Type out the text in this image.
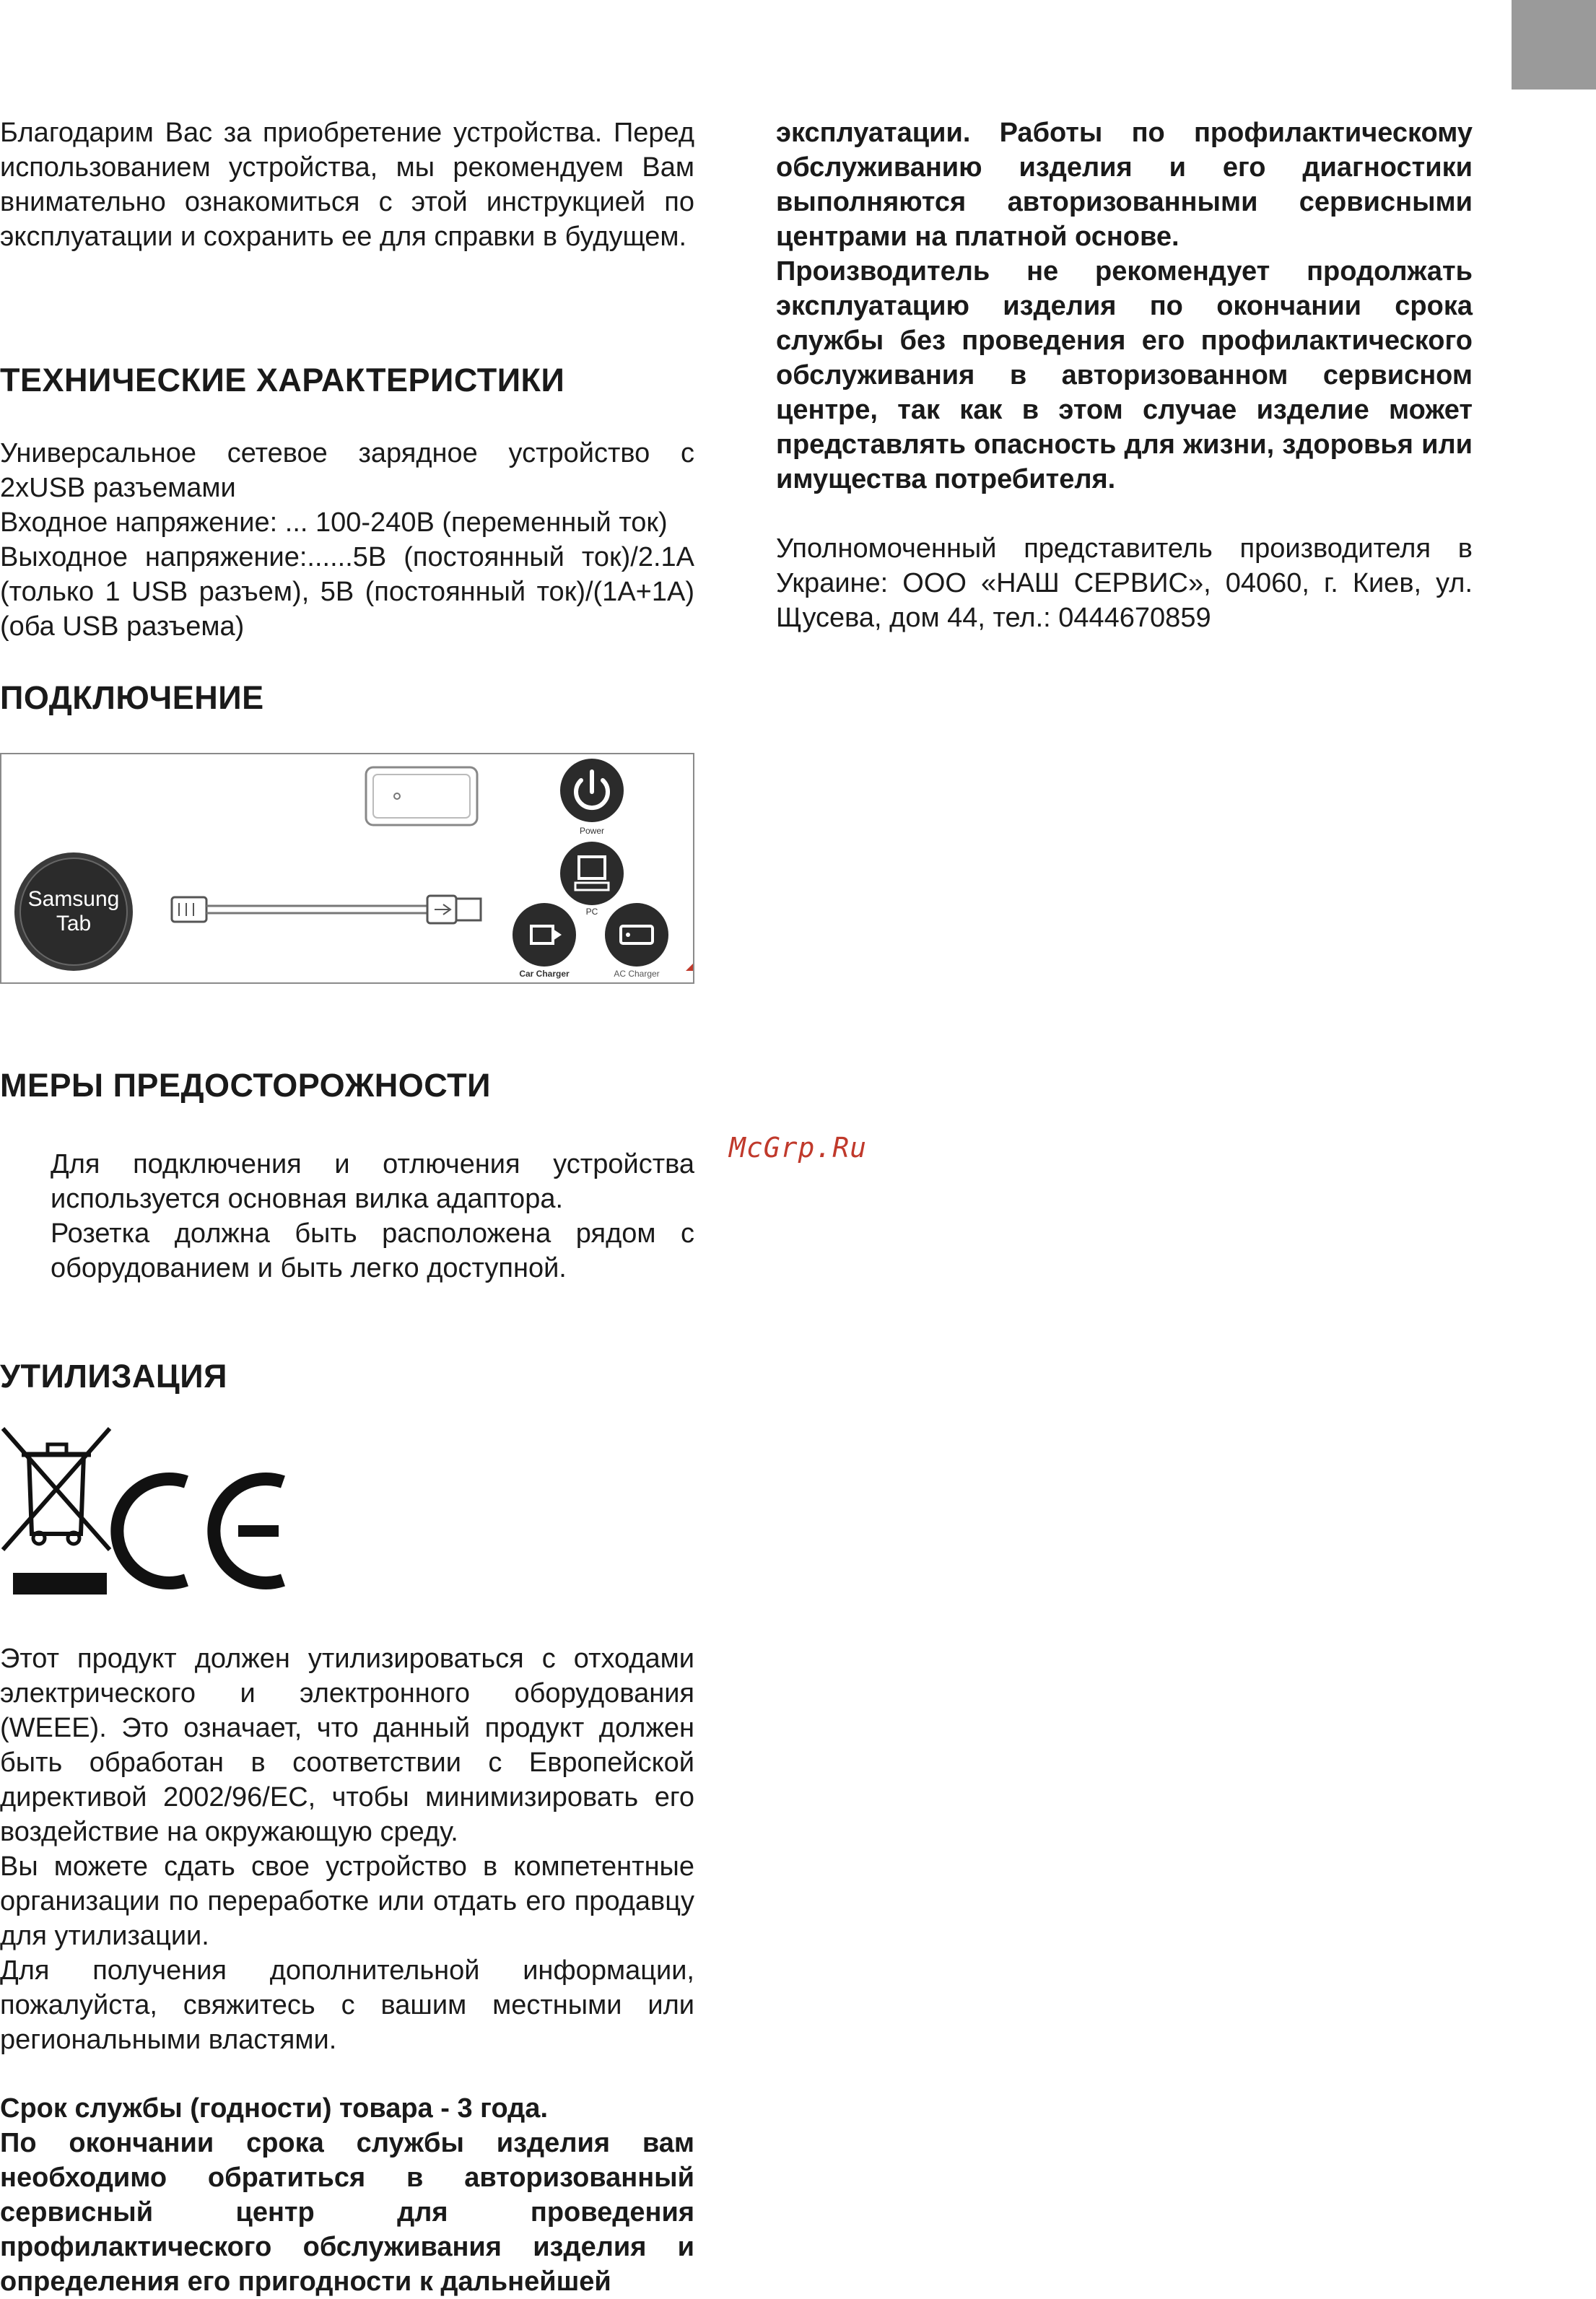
Благодарим Вас за приобретение устройства. Перед использованием устройства, мы рекомендуем Вам внимательно ознакомиться с этой инструкцией по эксплуатации и сохранить ее для справки в будущем.

ТЕХНИЧЕСКИЕ ХАРАКТЕРИСТИКИ

Универсальное сетевое зарядное устройство с 2xUSB разъемами

Входное напряжение: ... 100-240В (переменный ток)

Выходное напряжение:......5В (постоянный ток)/2.1А (только 1 USB разъем), 5В (постоянный ток)/(1А+1А) (оба USB разъема)

ПОДКЛЮЧЕНИЕ
Samsung
Tab
Power
PC
Car Charger	AC Charger
МЕРЫ ПРЕДОСТОРОЖНОСТИ

Для подключения и отлючения устройства используется основная вилка адаптора.

Розетка должна быть расположена рядом с оборудованием и быть легко доступной.

McGrp.Ru
УТИЛИЗАЦИЯ

Этот продукт должен утилизироваться с отходами электрического и электронного оборудования (WEEE). Это означает, что данный продукт должен быть обработан в соответствии с Европейской директивой 2002/96/EC, чтобы минимизировать его воздействие на окружающую среду.

Вы можете сдать свое устройство в компетентные организации по переработке или отдать его продавцу для утилизации.

Для получения дополнительной информации, пожалуйста, свяжитесь с вашим местными или региональными властями.

Срок службы (годности) товара - 3 года.

По окончании срока службы изделия вам необходимо обратиться в авторизованный сервисный центр для проведения профилактического обслуживания изделия и определения его пригодности к дальнейшей

эксплуатации. Работы по профилактическому обслуживанию изделия и его диагностики выполняются авторизованными сервисными центрами на платной основе.

Производитель не рекомендует продолжать эксплуатацию изделия по окончании срока службы без проведения его профилактического обслуживания в авторизованном сервисном центре, так как в этом случае изделие может представлять опасность для жизни, здоровья или имущества потребителя.

Уполномоченный представитель производителя в Украине: ООО «НАШ СЕРВИС», 04060, г. Киев, ул. Щусева, дом 44, тел.: 0444670859
